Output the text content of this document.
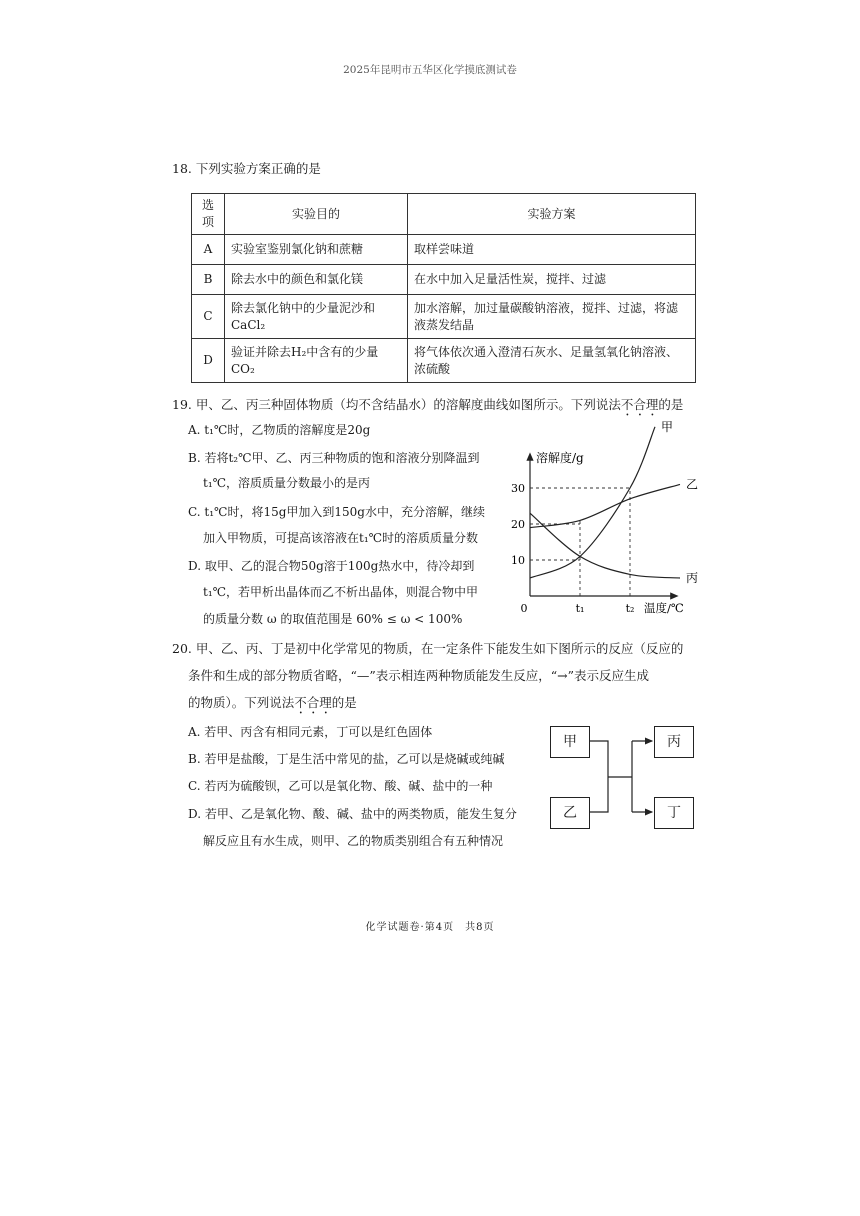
2025年昆明市五华区化学摸底测试卷
18. 下列实验方案正确的是
选项	实验目的	实验方案
A	实验室鉴别氯化钠和蔗糖	取样尝味道
B	除去水中的颜色和氯化镁	在水中加入足量活性炭，搅拌、过滤
C	除去氯化钠中的少量泥沙和CaCl₂	加水溶解，加过量碳酸钠溶液，搅拌、过滤，将滤液蒸发结晶
D	验证并除去H₂中含有的少量CO₂	将气体依次通入澄清石灰水、足量氢氧化钠溶液、浓硫酸
19. 甲、乙、丙三种固体物质（均不含结晶水）的溶解度曲线如图所示。下列说法不合理的是
A. t₁℃时，乙物质的溶解度是20g
B. 若将t₂℃甲、乙、丙三种物质的饱和溶液分别降温到
t₁℃，溶质质量分数最小的是丙
C. t₁℃时，将15g甲加入到150g水中，充分溶解，继续
加入甲物质，可提高该溶液在t₁℃时的溶质质量分数
D. 取甲、乙的混合物50g溶于100g热水中，待冷却到
t₁℃，若甲析出晶体而乙不析出晶体，则混合物中甲
的质量分数 ω 的取值范围是 60% ≤ ω < 100%
10
20
30
t₁	t₂
0
溶解度/g
温度/℃
甲
乙
丙
20. 甲、乙、丙、丁是初中化学常见的物质，在一定条件下能发生如下图所示的反应（反应的
条件和生成的部分物质省略，“—”表示相连两种物质能发生反应，“→”表示反应生成
的物质）。下列说法不合理的是
A. 若甲、丙含有相同元素，丁可以是红色固体
B. 若甲是盐酸，丁是生活中常见的盐，乙可以是烧碱或纯碱
C. 若丙为硫酸钡，乙可以是氧化物、酸、碱、盐中的一种
D. 若甲、乙是氧化物、酸、碱、盐中的两类物质，能发生复分
解反应且有水生成，则甲、乙的物质类别组合有五种情况
甲
乙
丙
丁
化学试题卷·第4页　共8页
